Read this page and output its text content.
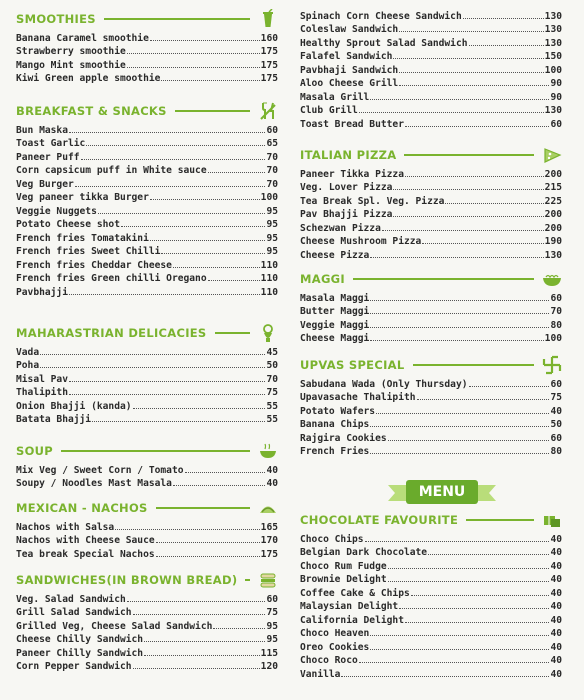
SMOOTHIES
Banana Caramel smoothie	160
Strawberry smoothie	175
Mango Mint smoothie	175
Kiwi Green apple smoothie	175
BREAKFAST & SNACKS
Bun Maska	60
Toast Garlic	65
Paneer Puff	70
Corn capsicum puff in White sauce	70
Veg Burger	70
Veg paneer tikka Burger	100
Veggie Nuggets	95
Potato Cheese shot	95
French fries Tomatakini	95
French fries Sweet Chilli	95
French fries Cheddar Cheese	110
French fries Green chilli Oregano	110
Pavbhajji	110
MAHARASTRIAN DELICACIES
Vada	45
Poha	50
Misal Pav	70
Thalipith	75
Onion Bhajji (kanda)	55
Batata Bhajji	55
SOUP
Mix Veg / Sweet Corn / Tomato	40
Soupy / Noodles Mast Masala	40
MEXICAN - NACHOS
Nachos with Salsa	165
Nachos with Cheese Sauce	170
Tea break Special Nachos	175
SANDWICHES(IN BROWN BREAD)
Veg. Salad Sandwich	60
Grill Salad Sandwich	75
Grilled Veg, Cheese Salad Sandwich	95
Cheese Chilly Sandwich	95
Paneer Chilly Sandwich	115
Corn Pepper Sandwich	120
Spinach Corn Cheese Sandwich	130
Coleslaw Sandwich	130
Healthy Sprout Salad Sandwich	130
Falafel Sandwich	150
Pavbhaji Sandwich	100
Aloo Cheese Grill	90
Masala Grill	90
Club Grill	130
Toast Bread Butter	60
ITALIAN PIZZA
Paneer Tikka Pizza	200
Veg. Lover Pizza	215
Tea Break Spl. Veg. Pizza	225
Pav Bhajji Pizza	200
Schezwan Pizza	200
Cheese Mushroom Pizza	190
Cheese Pizza	130
MAGGI
Masala Maggi	60
Butter Maggi	70
Veggie Maggi	80
Cheese Maggi	100
UPVAS SPECIAL
Sabudana Wada (Only Thursday)	60
Upavasache Thalipith	75
Potato Wafers	40
Banana Chips	50
Rajgira Cookies	60
French Fries	80
CHOCOLATE FAVOURITE
Choco Chips	40
Belgian Dark Chocolate	40
Choco Rum Fudge	40
Brownie Delight	40
Coffee Cake & Chips	40
Malaysian Delight	40
California Delight	40
Choco Heaven	40
Oreo Cookies	40
Choco Roco	40
Vanilla	40
MENU
